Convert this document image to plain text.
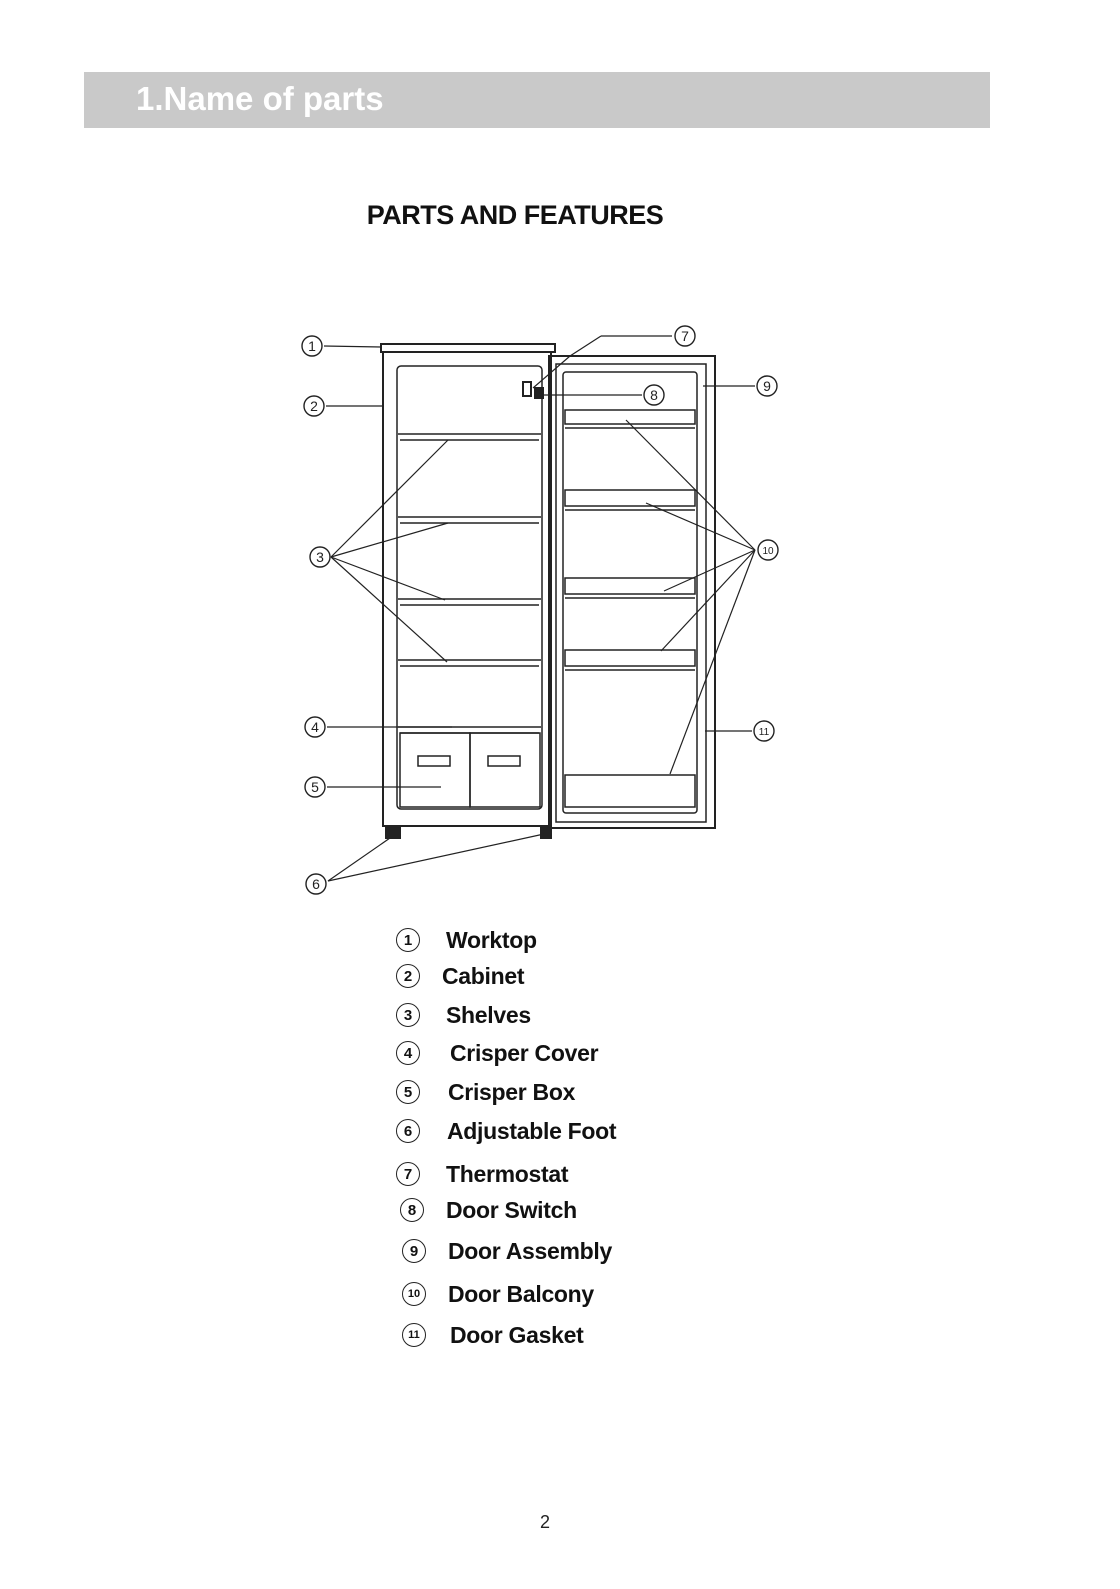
1.Name of parts
PARTS AND FEATURES
1
2
3
4
5
6
7
8
9
10
11
1	Worktop
2	Cabinet
3	Shelves
4	Crisper Cover
5	Crisper Box
6	Adjustable Foot
7	Thermostat
8	Door Switch
9	Door Assembly
10 Door Balcony
11 Door Gasket
2
